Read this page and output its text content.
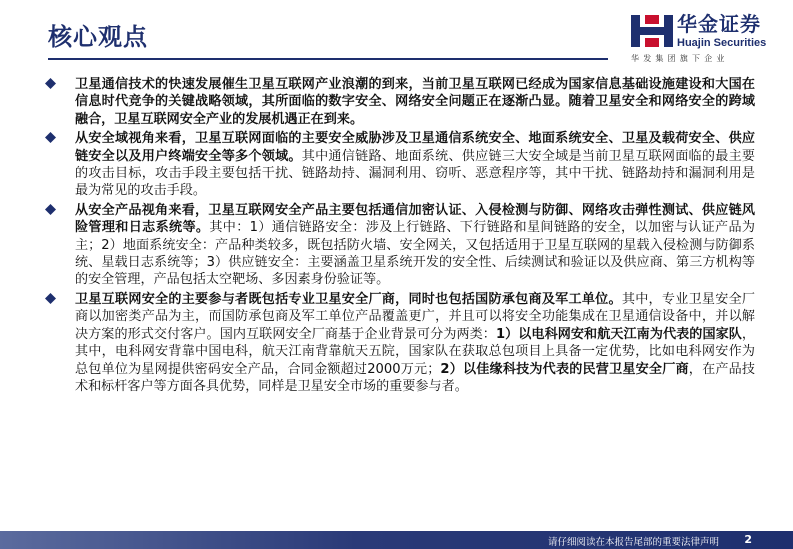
核心观点	华金证券
Huajin Securities
华发集团旗下企业
卫星通信技术的快速发展催生卫星互联网产业浪潮的到来，当前卫星互联网已经成为国家信息基础设施建设和大国在信息时代竞争的关键战略领域，其所面临的数字安全、网络安全问题正在逐渐凸显。随着卫星安全和网络安全的跨域融合，卫星互联网安全产业的发展机遇正在到来。
从安全域视角来看，卫星互联网面临的主要安全威胁涉及卫星通信系统安全、地面系统安全、卫星及载荷安全、供应链安全以及用户终端安全等多个领域。其中通信链路、地面系统、供应链三大安全域是当前卫星互联网面临的最主要的攻击目标，攻击手段主要包括干扰、链路劫持、漏洞利用、窃听、恶意程序等，其中干扰、链路劫持和漏洞利用是最为常见的攻击手段。
从安全产品视角来看，卫星互联网安全产品主要包括通信加密认证、入侵检测与防御、网络攻击弹性测试、供应链风险管理和日志系统等。其中：1）通信链路安全：涉及上行链路、下行链路和星间链路的安全，以加密与认证产品为主；2）地面系统安全：产品种类较多，既包括防火墙、安全网关，又包括适用于卫星互联网的星载入侵检测与防御系统、星载日志系统等；3）供应链安全：主要涵盖卫星系统开发的安全性、后续测试和验证以及供应商、第三方机构等的安全管理，产品包括太空靶场、多因素身份验证等。
卫星互联网安全的主要参与者既包括专业卫星安全厂商，同时也包括国防承包商及军工单位。其中，专业卫星安全厂商以加密类产品为主，而国防承包商及军工单位产品覆盖更广，并且可以将安全功能集成在卫星通信设备中，并以解决方案的形式交付客户。国内互联网安全厂商基于企业背景可分为两类：1）以电科网安和航天江南为代表的国家队，其中，电科网安背靠中国电科，航天江南背靠航天五院，国家队在获取总包项目上具备一定优势，比如电科网安作为总包单位为星网提供密码安全产品，合同金额超过2000万元；2）以佳缘科技为代表的民营卫星安全厂商，在产品技术和标杆客户等方面各具优势，同样是卫星安全市场的重要参与者。
请仔细阅读在本报告尾部的重要法律声明 2
